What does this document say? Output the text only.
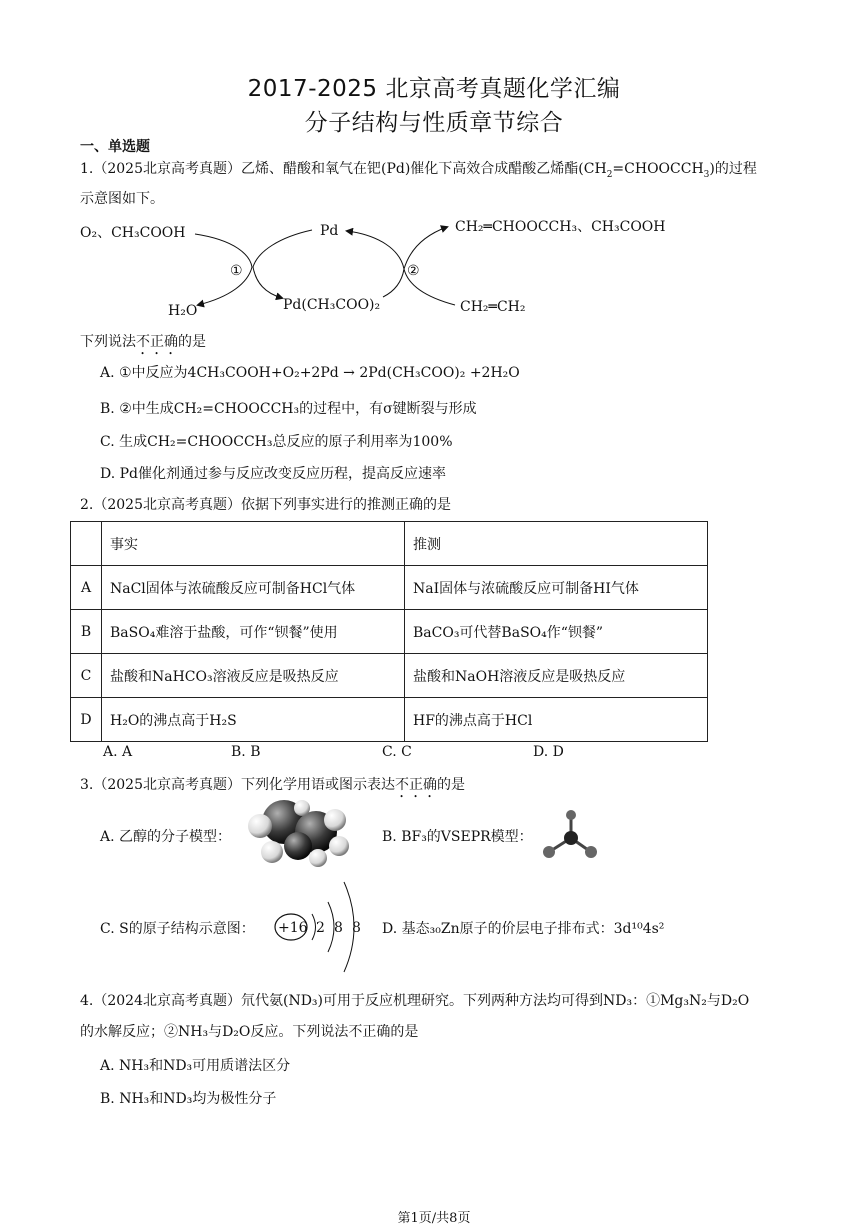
2017-2025 北京高考真题化学汇编
分子结构与性质章节综合
一、单选题
1.（2025北京高考真题）乙烯、醋酸和氧气在钯(Pd)催化下高效合成醋酸乙烯酯$(CH_2=CHOOCCH_3)$的过程
示意图如下。
O₂、CH₃COOH
H₂O
Pd
Pd(CH₃COO)₂
CH₂═CHOOCCH₃、CH₃COOH
CH₂═CH₂
①	②
下列说法不正确的是
A. ①中反应为4CH₃COOH+O₂+2Pd → 2Pd(CH₃COO)₂ +2H₂O
B. ②中生成CH₂=CHOOCCH₃的过程中，有σ键断裂与形成
C. 生成CH₂=CHOOCCH₃总反应的原子利用率为100%
D. Pd催化剂通过参与反应改变反应历程，提高反应速率
2.（2025北京高考真题）依据下列事实进行的推测正确的是
	事实	推测
A	NaCl固体与浓硫酸反应可制备HCl气体	NaI固体与浓硫酸反应可制备HI气体
B	BaSO₄难溶于盐酸，可作“钡餐”使用	BaCO₃可代替BaSO₄作“钡餐”
C	盐酸和NaHCO₃溶液反应是吸热反应	盐酸和NaOH溶液反应是吸热反应
D	H₂O的沸点高于H₂S	HF的沸点高于HCl
A. A	B. B	C. C	D. D
3.（2025北京高考真题）下列化学用语或图示表达不正确的是
A. 乙醇的分子模型：	B. BF₃的VSEPR模型：
C. S的原子结构示意图： +16 2 8 8 D. 基态₃₀Zn原子的价层电子排布式：3d¹⁰4s²
4.（2024北京高考真题）氘代氨(ND₃)可用于反应机理研究。下列两种方法均可得到ND₃：①Mg₃N₂与D₂O
的水解反应；②NH₃与D₂O反应。下列说法不正确的是
A. NH₃和ND₃可用质谱法区分
B. NH₃和ND₃均为极性分子
第1页/共8页
